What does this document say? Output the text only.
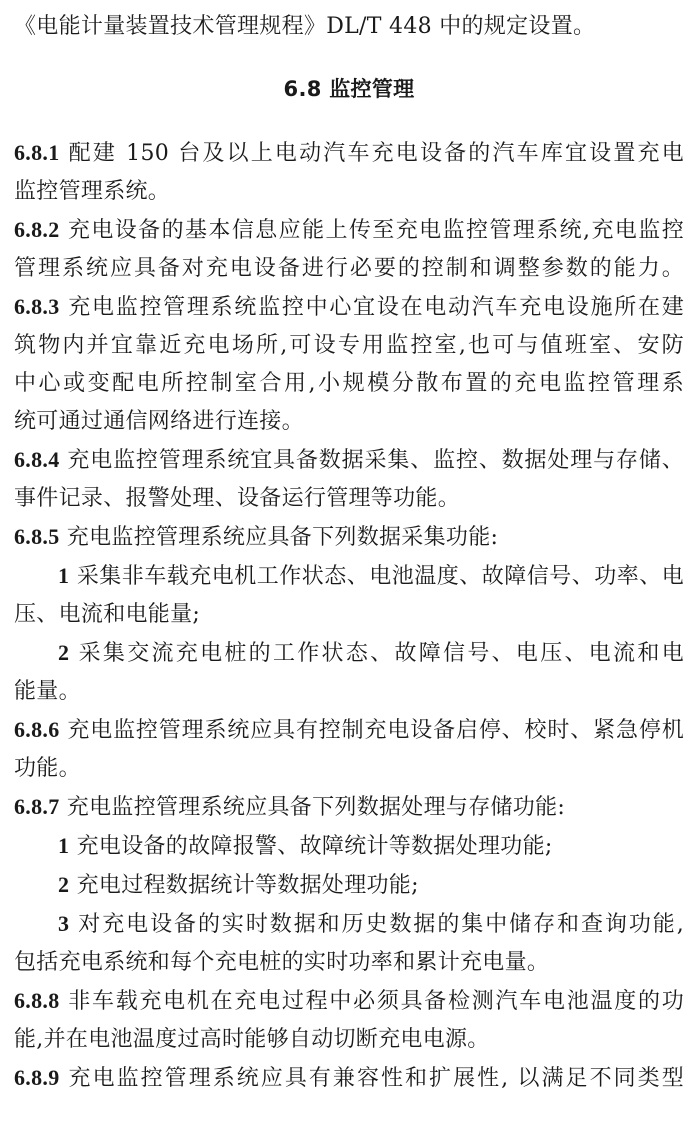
《电能计量装置技术管理规程》DL/T 448 中的规定设置。
6.8 监控管理
6.8.1 配建 150 台及以上电动汽车充电设备的汽车库宜设置充电
监控管理系统。
6.8.2 充电设备的基本信息应能上传至充电监控管理系统,充电监控
管理系统应具备对充电设备进行必要的控制和调整参数的能力。
6.8.3 充电监控管理系统监控中心宜设在电动汽车充电设施所在建
筑物内并宜靠近充电场所,可设专用监控室,也可与值班室、安防
中心或变配电所控制室合用,小规模分散布置的充电监控管理系
统可通过通信网络进行连接。
6.8.4 充电监控管理系统宜具备数据采集、监控、数据处理与存储、
事件记录、报警处理、设备运行管理等功能。
6.8.5 充电监控管理系统应具备下列数据采集功能:
1 采集非车载充电机工作状态、电池温度、故障信号、功率、电
压、电流和电能量;
2 采集交流充电桩的工作状态、故障信号、电压、电流和电
能量。
6.8.6 充电监控管理系统应具有控制充电设备启停、校时、紧急停机
功能。
6.8.7 充电监控管理系统应具备下列数据处理与存储功能:
1 充电设备的故障报警、故障统计等数据处理功能;
2 充电过程数据统计等数据处理功能;
3 对充电设备的实时数据和历史数据的集中储存和查询功能,
包括充电系统和每个充电桩的实时功率和累计充电量。
6.8.8 非车载充电机在充电过程中必须具备检测汽车电池温度的功
能,并在电池温度过高时能够自动切断充电电源。
6.8.9 充电监控管理系统应具有兼容性和扩展性, 以满足不同类型
